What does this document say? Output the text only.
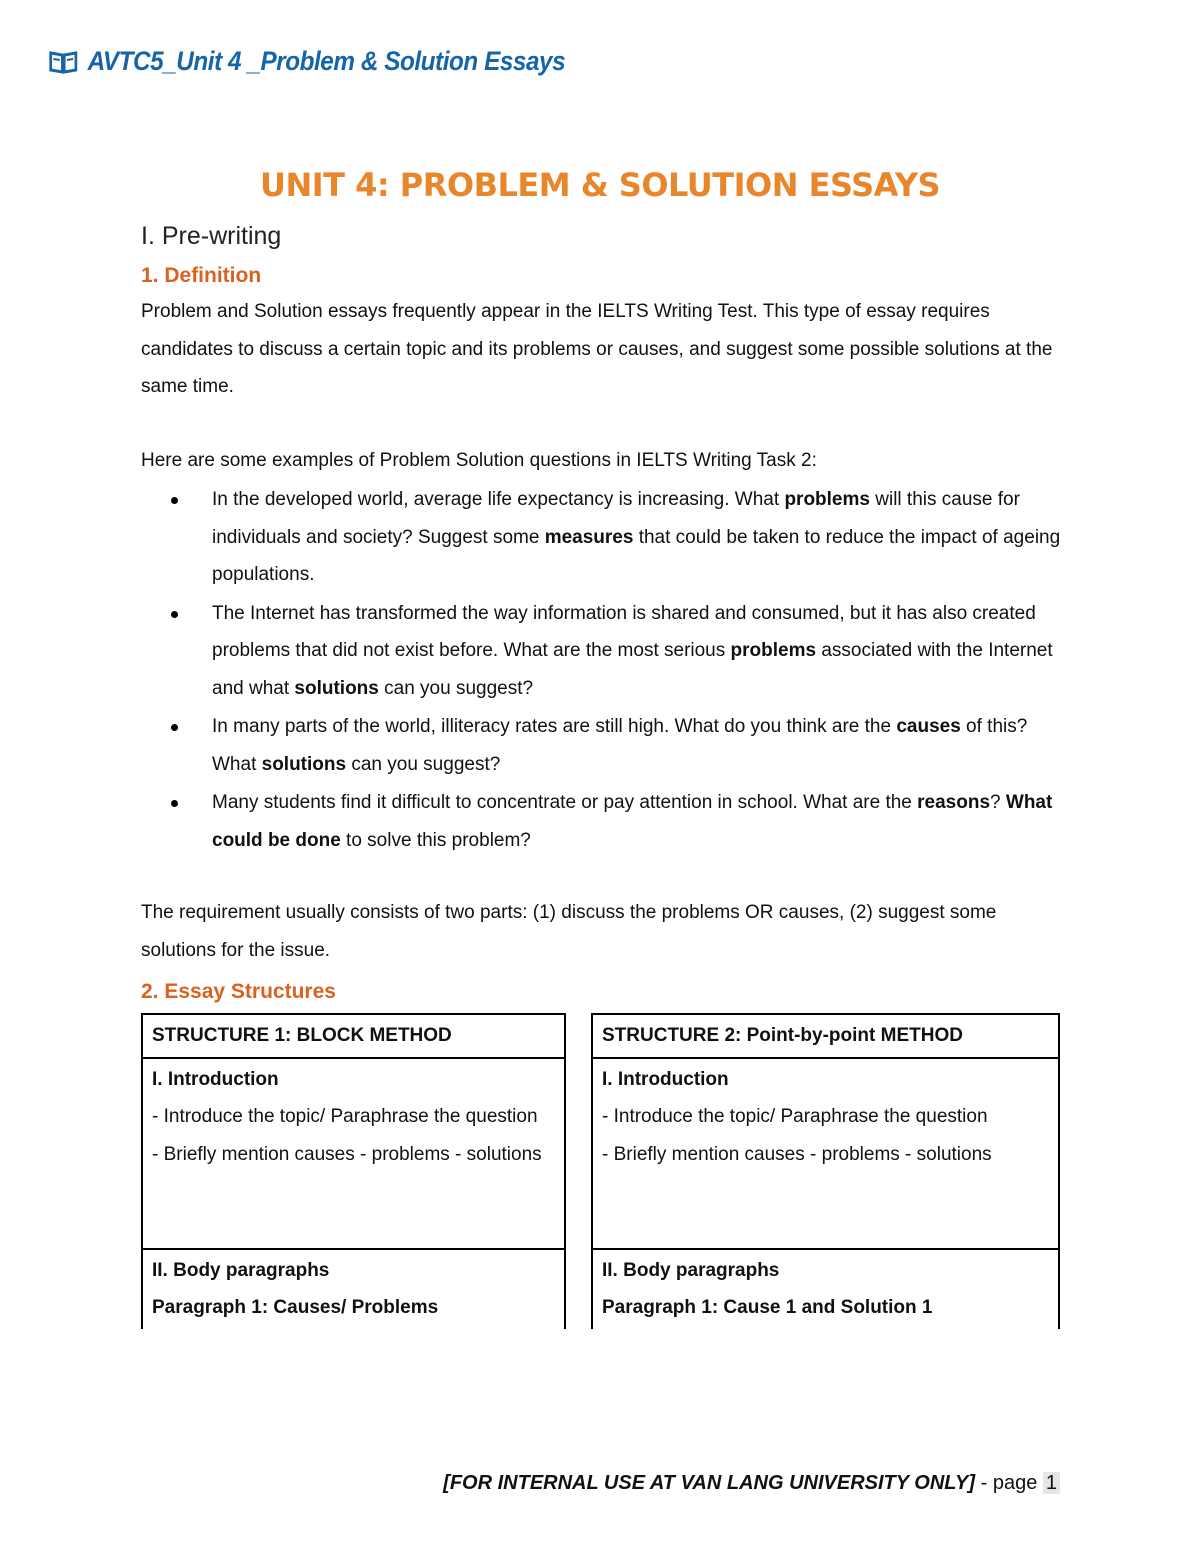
AVTC5_Unit 4 _Problem & Solution Essays
UNIT 4: PROBLEM & SOLUTION ESSAYS
I. Pre-writing
1. Definition

Problem and Solution essays frequently appear in the IELTS Writing Test. This type of essay requires candidates to discuss a certain topic and its problems or causes, and suggest some possible solutions at the same time.

Here are some examples of Problem Solution questions in IELTS Writing Task 2:

In the developed world, average life expectancy is increasing. What problems will this cause for individuals and society? Suggest some measures that could be taken to reduce the impact of ageing populations.
The Internet has transformed the way information is shared and consumed, but it has also created problems that did not exist before. What are the most serious problems associated with the Internet and what solutions can you suggest?
In many parts of the world, illiteracy rates are still high. What do you think are the causes of this? What solutions can you suggest?
Many students find it difficult to concentrate or pay attention in school. What are the reasons? What could be done to solve this problem?

The requirement usually consists of two parts: (1) discuss the problems OR causes, (2) suggest some solutions for the issue.

2. Essay Structures
STRUCTURE 1: BLOCK METHOD

I. Introduction
- Introduce the topic/ Paraphrase the question
- Briefly mention causes - problems - solutions

II. Body paragraphs
Paragraph 1: Causes/ Problems
STRUCTURE 2: Point-by-point METHOD

I. Introduction
- Introduce the topic/ Paraphrase the question
- Briefly mention causes - problems - solutions

II. Body paragraphs
Paragraph 1: Cause 1 and Solution 1
[FOR INTERNAL USE AT VAN LANG UNIVERSITY ONLY] - page 1
